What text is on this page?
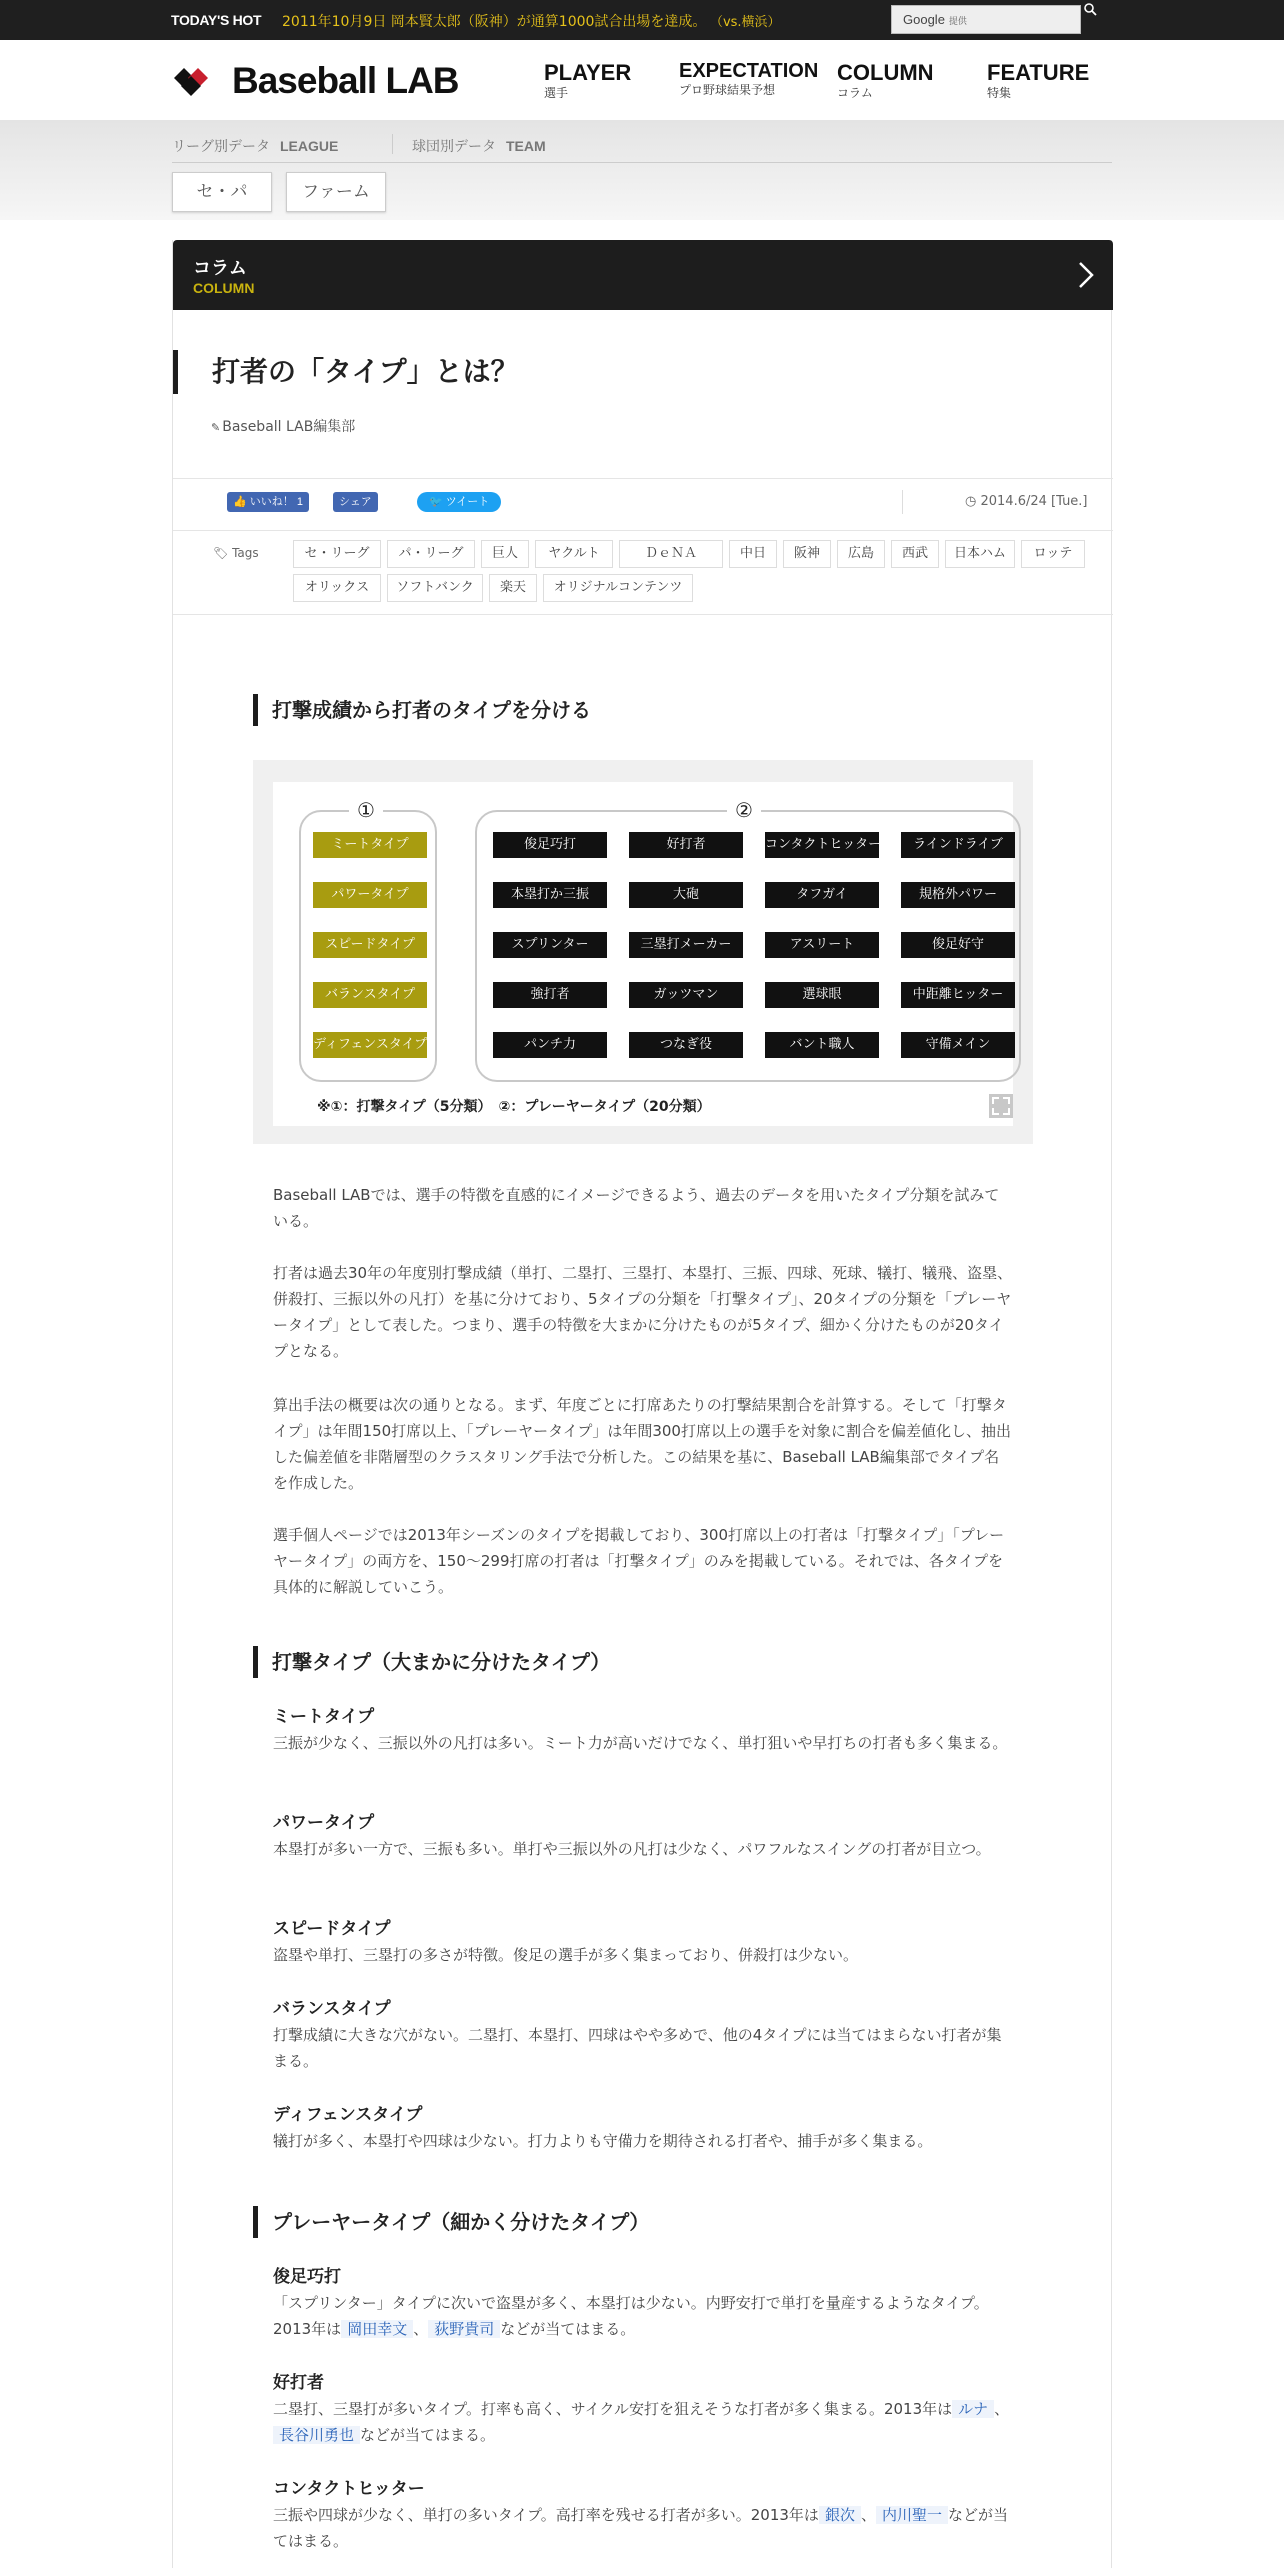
TODAY'S HOT 2011年10月9日 岡本賢太郎（阪神）が通算1000試合出場を達成。 （vs.横浜）	Google 提供
Baseball LAB	PLAYER
選手
EXPECTATION
プロ野球結果予想
COLUMN
コラム
FEATURE
特集
リーグ別データ LEAGUE	球団別データ TEAM
セ・パ	ファーム
コラム
COLUMN
打者の「タイプ」とは？
✎ Baseball LAB編集部
👍 いいね！ 1	シェア	🐦 ツイート	◷ 2014.6/24 [Tue.]
🏷 Tags	セ・リーグ	パ・リーグ	巨人	ヤクルト	ＤｅＮＡ	中日	阪神	広島	西武	日本ハム	ロッテ
オリックス	ソフトバンク	楽天	オリジナルコンテンツ
打撃成績から打者のタイプを分ける
①	②
ミートタイプ
パワータイプ
スピードタイプ
バランスタイプ
ディフェンスタイプ
俊足巧打	好打者	コンタクトヒッター	ラインドライブ
本塁打か三振	大砲	タフガイ	規格外パワー
スプリンター	三塁打メーカー	アスリート	俊足好守
強打者	ガッツマン	選球眼	中距離ヒッター
パンチ力	つなぎ役	バント職人	守備メイン
※①：打撃タイプ（5分類）　②：プレーヤータイプ（20分類）

Baseball LABでは、選手の特徴を直感的にイメージできるよう、過去のデータを用いたタイプ分類を試みている。

打者は過去30年の年度別打撃成績（単打、二塁打、三塁打、本塁打、三振、四球、死球、犠打、犠飛、盗塁、併殺打、三振以外の凡打）を基に分けており、5タイプの分類を「打撃タイプ」、20タイプの分類を「プレーヤータイプ」として表した。つまり、選手の特徴を大まかに分けたものが5タイプ、細かく分けたものが20タイプとなる。

算出手法の概要は次の通りとなる。まず、年度ごとに打席あたりの打撃結果割合を計算する。そして「打撃タイプ」は年間150打席以上、「プレーヤータイプ」は年間300打席以上の選手を対象に割合を偏差値化し、抽出した偏差値を非階層型のクラスタリング手法で分析した。この結果を基に、Baseball LAB編集部でタイプ名を作成した。

選手個人ページでは2013年シーズンのタイプを掲載しており、300打席以上の打者は「打撃タイプ」「プレーヤータイプ」の両方を、150～299打席の打者は「打撃タイプ」のみを掲載している。それでは、各タイプを具体的に解説していこう。

打撃タイプ（大まかに分けたタイプ）
ミートタイプ

三振が少なく、三振以外の凡打は多い。ミート力が高いだけでなく、単打狙いや早打ちの打者も多く集まる。

パワータイプ

本塁打が多い一方で、三振も多い。単打や三振以外の凡打は少なく、パワフルなスイングの打者が目立つ。

スピードタイプ

盗塁や単打、三塁打の多さが特徴。俊足の選手が多く集まっており、併殺打は少ない。

バランスタイプ

打撃成績に大きな穴がない。二塁打、本塁打、四球はやや多めで、他の4タイプには当てはまらない打者が集まる。

ディフェンスタイプ

犠打が多く、本塁打や四球は少ない。打力よりも守備力を期待される打者や、捕手が多く集まる。

プレーヤータイプ（細かく分けたタイプ）
俊足巧打

「スプリンター」タイプに次いで盗塁が多く、本塁打は少ない。内野安打で単打を量産するようなタイプ。2013年は 岡田幸文 、 荻野貴司 などが当てはまる。

好打者

二塁打、三塁打が多いタイプ。打率も高く、サイクル安打を狙えそうな打者が多く集まる。2013年は ルナ 、長谷川勇也 などが当てはまる。

コンタクトヒッター

三振や四球が少なく、単打の多いタイプ。高打率を残せる打者が多い。2013年は 銀次 、 内川聖一 などが当てはまる。
